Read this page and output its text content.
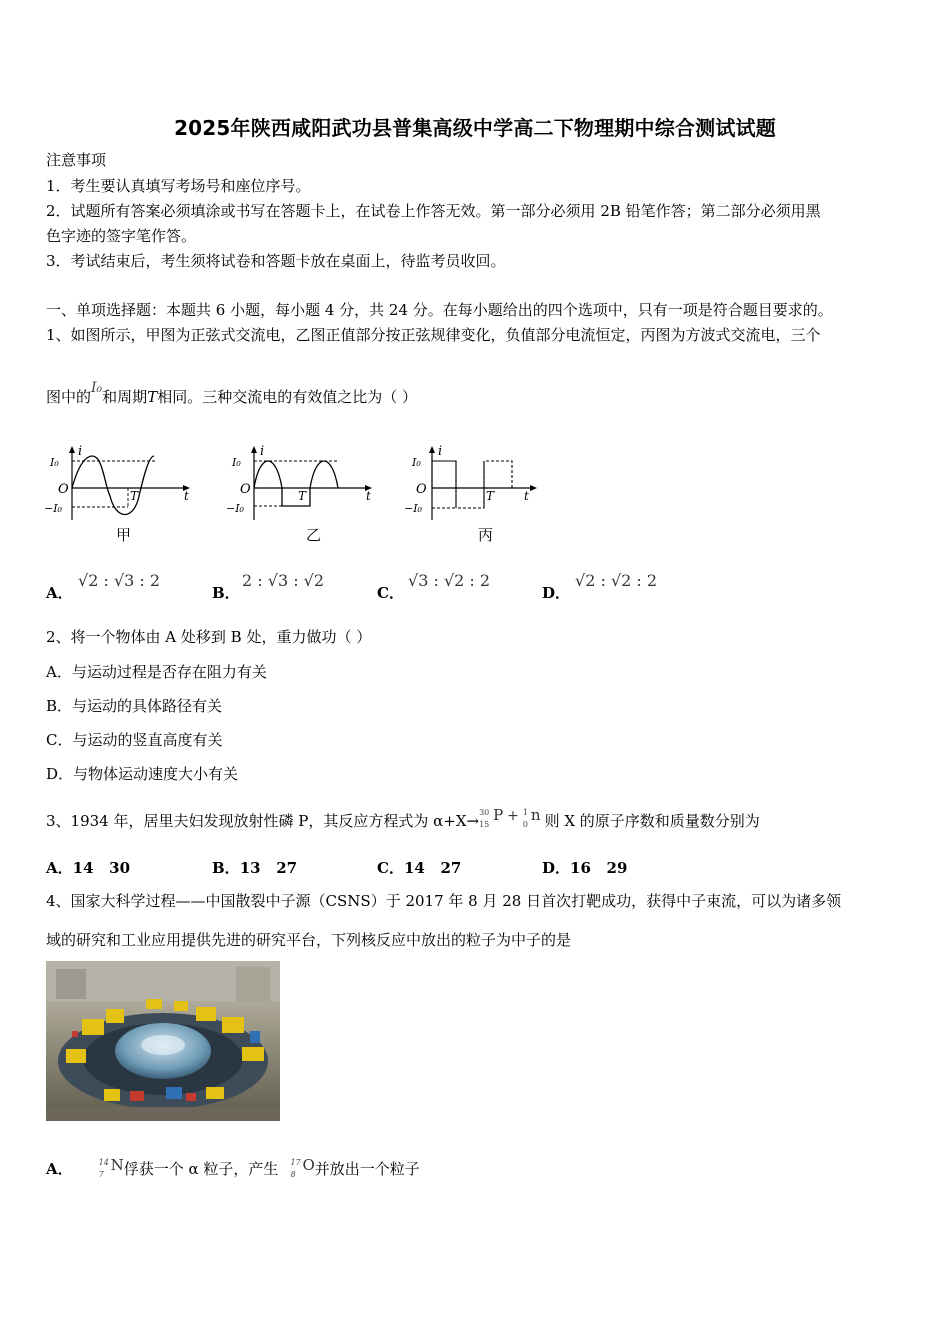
2025年陕西咸阳武功县普集高级中学高二下物理期中综合测试试题
注意事项
1．考生要认真填写考场号和座位序号。
2．试题所有答案必须填涂或书写在答题卡上，在试卷上作答无效。第一部分必须用 2B 铅笔作答；第二部分必须用黑
色字迹的签字笔作答。
3．考试结束后，考生须将试卷和答题卡放在桌面上，待监考员收回。
一、单项选择题：本题共 6 小题，每小题 4 分，共 24 分。在每小题给出的四个选项中，只有一项是符合题目要求的。
1、如图所示，甲图为正弦式交流电，乙图正值部分按正弦规律变化，负值部分电流恒定，丙图为方波式交流电，三个
图中的I₀和周期T相同。三种交流电的有效值之比为（ ）
i
I₀
O
−I₀
T	t
甲
i
I₀
O
−I₀
T	t
乙
i
I₀
O
−I₀
T t
丙
A．
√2 : √3 : 2
B．
2 : √3 : √2
C．
√3 : √2 : 2
D．
√2 : √2 : 2
2、将一个物体由 A 处移到 B 处，重力做功（ ）
A．与运动过程是否存在阻力有关
B．与运动的具体路径有关
C．与运动的竖直高度有关
D．与物体运动速度大小有关
3、1934 年，居里夫妇发现放射性磷 P，其反应方程式为 α+X→ 30
15
P + 1
0
n 则 X 的原子序数和质量数分别为
A．14   30	B．13   27	C．14   27	D．16   29
4、国家大科学过程——中国散裂中子源（CSNS）于 2017 年 8 月 28 日首次打靶成功，获得中子束流，可以为诸多领
域的研究和工业应用提供先进的研究平台，下列核反应中放出的粒子为中子的是
A．	14
7
N俘获一个 α 粒子，产生 17
8
O并放出一个粒子
